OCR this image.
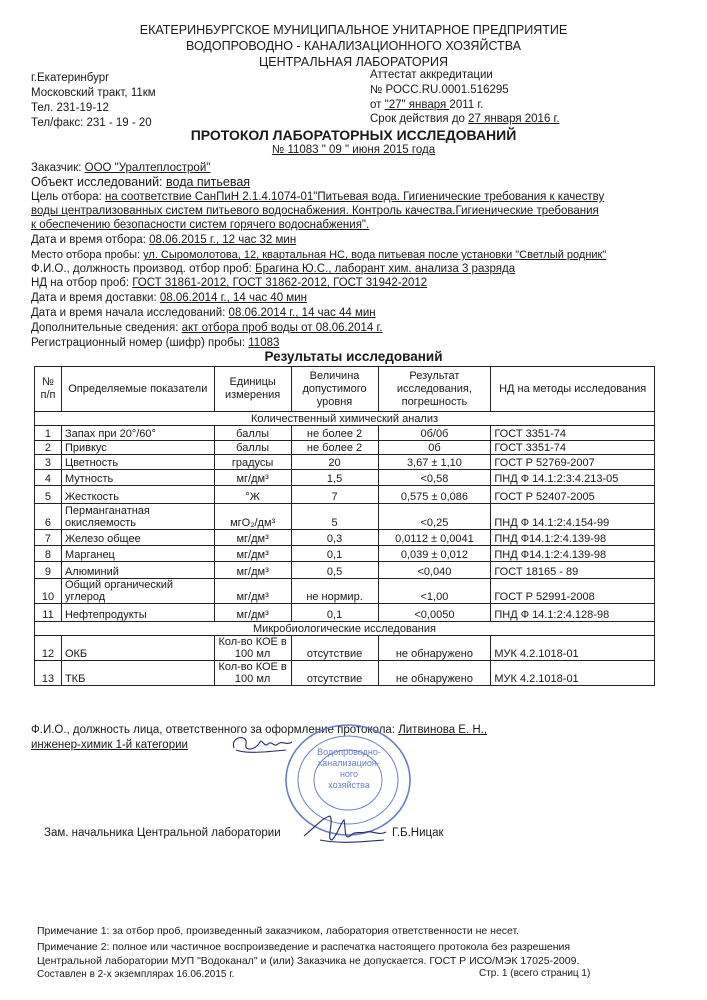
ЕКАТЕРИНБУРГСКОЕ МУНИЦИПАЛЬНОЕ УНИТАРНОЕ ПРЕДПРИЯТИЕ
ВОДОПРОВОДНО - КАНАЛИЗАЦИОННОГО ХОЗЯЙСТВА
ЦЕНТРАЛЬНАЯ ЛАБОРАТОРИЯ
г.Екатеринбург
Московский тракт, 11км
Тел. 231-19-12
Тел/факс: 231 - 19 - 20
Аттестат аккредитации
№ РОСС.RU.0001.516295
от "27" января 2011 г.
Срок действия до 27 января 2016 г.
ПРОТОКОЛ ЛАБОРАТОРНЫХ ИССЛЕДОВАНИЙ
№ 11083 " 09 " июня 2015 года
Заказчик: ООО "Уралтеплострой"
Объект исследований: вода питьевая
Цель отбора: на соответствие СанПиН 2.1.4.1074-01"Питьевая вода. Гигиенические требования к качеству
воды централизованных систем питьевого водоснабжения. Контроль качества.Гигиенические требования
к обеспечению безопасности систем горячего водоснабжения".
Дата и время отбора: 08.06.2015 г., 12 час 32 мин
Место отбора пробы: ул. Сыромолотова, 12, квартальная НС, вода питьевая после установки "Светлый родник"
Ф.И.О., должность производ. отбор проб: Брагина Ю.С., лаборант хим. анализа 3 разряда
НД на отбор проб: ГОСТ 31861-2012, ГОСТ 31862-2012, ГОСТ 31942-2012
Дата и время доставки: 08.06.2014 г., 14 час 40 мин
Дата и время начала исследований: 08.06.2014 г., 14 час 44 мин
Дополнительные сведения: акт отбора проб воды от 08.06.2014 г.
Регистрационный номер (шифр) пробы: 11083
Результаты исследований
№ п/п	Определяемые показатели	Единицы измерения	Величина допустимого уровня	Результат исследования, погрешность	НД на методы исследования
Количественный химический анализ					
1	Запах при 20°/60°	баллы	не более 2	0б/0б	ГОСТ 3351-74
2	Привкус	баллы	не более 2	0б	ГОСТ 3351-74
3	Цветность	градусы	20	3,67 ± 1,10	ГОСТ Р 52769-2007
4	Мутность	мг/дм³	1,5	<0,58	ПНД Ф 14.1:2:3:4.213-05
5	Жесткость	°Ж	7	0,575 ± 0,086	ГОСТ Р 52407-2005
6	Перманганатная окисляемость	мгО₂/дм³	5	<0,25	ПНД Ф 14.1:2:4.154-99
7	Железо общее	мг/дм³	0,3	0,0112 ± 0,0041	ПНД Ф14.1:2:4.139-98
8	Марганец	мг/дм³	0,1	0,039 ± 0,012	ПНД Ф14.1:2:4.139-98
9	Алюминий	мг/дм³	0,5	<0,040	ГОСТ 18165 - 89
10	Общий органический углерод	мг/дм³	не нормир.	<1,00	ГОСТ Р 52991-2008
11	Нефтепродукты	мг/дм³	0,1	<0,0050	ПНД Ф 14.1:2:4.128-98
Микробиологические исследования					
12	ОКБ	Кол-во КОЕ в 100 мл	отсутствие	не обнаружено	МУК 4.2.1018-01
13	ТКБ	Кол-во КОЕ в 100 мл	отсутствие	не обнаружено	МУК 4.2.1018-01
Ф.И.О., должность лица, ответственного за оформление протокола: Литвинова Е. Н.,
инженер-химик 1-й категории
Водопроводно-
канализацион-
ного
хозяйства
Зам. начальника Центральной лаборатории	Г.Б.Ницак
Примечание 1: за отбор проб, произведенный заказчиком, лаборатория ответственности не несет.
Примечание 2: полное или частичное воспроизведение и распечатка настоящего протокола без разрешения
Центральной лаборатории МУП "Водоканал" и (или) Заказчика не допускается. ГОСТ Р ИСО/МЭК 17025-2009.
Составлен в 2-х экземплярах 16.06.2015 г.	Стр. 1 (всего страниц 1)
